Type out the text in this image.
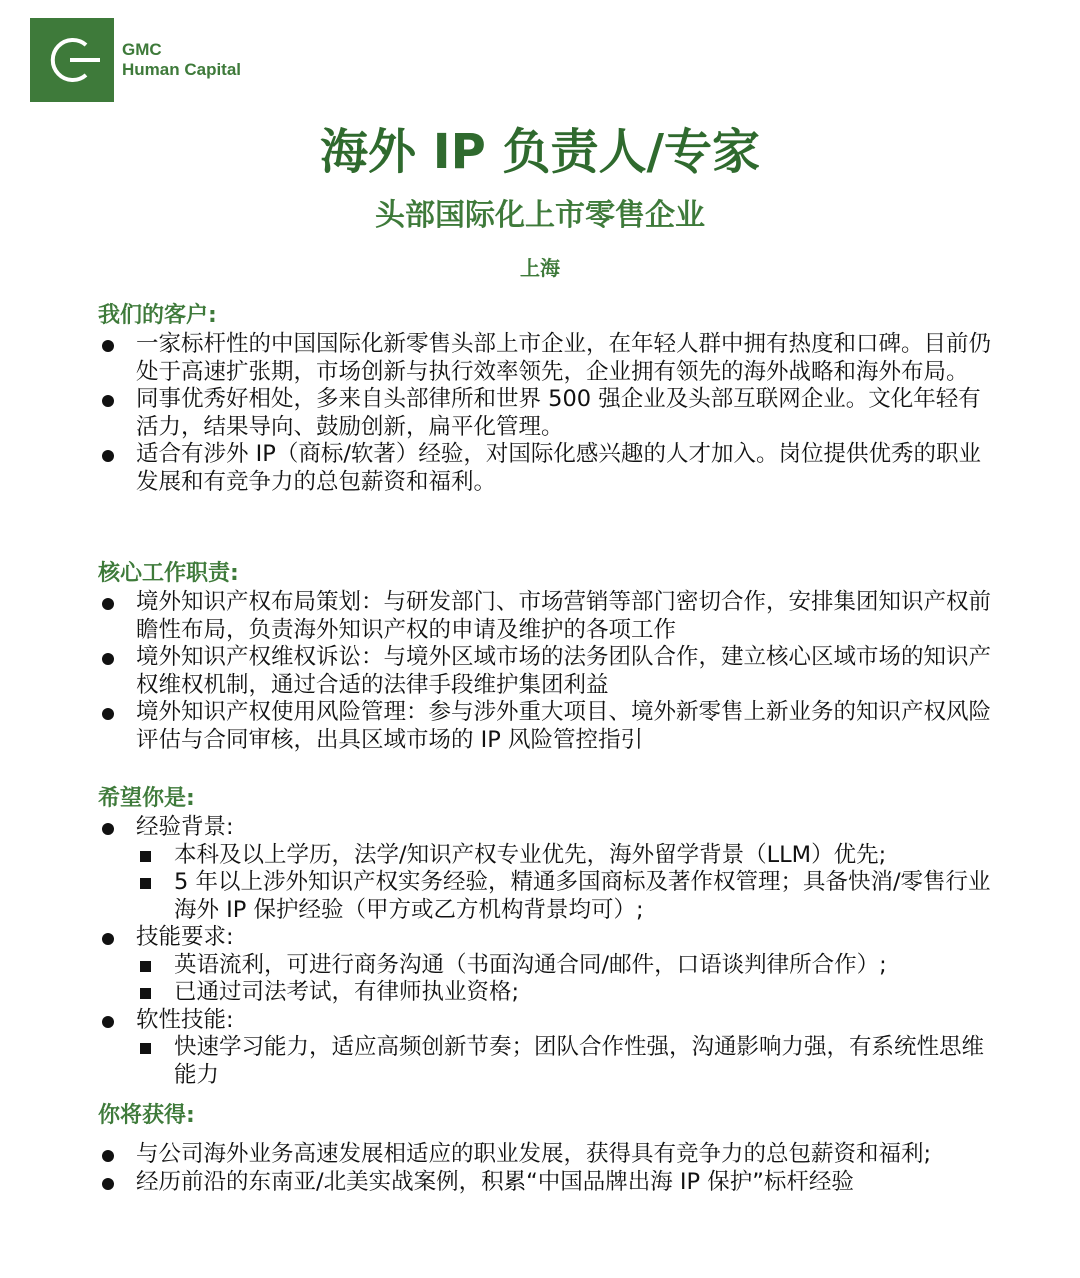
GMC
Human Capital
海外 IP 负责人/专家
头部国际化上市零售企业
上海
我们的客户:
一家标杆性的中国国际化新零售头部上市企业，在年轻人群中拥有热度和口碑。目前仍处于高速扩张期，市场创新与执行效率领先，企业拥有领先的海外战略和海外布局。
同事优秀好相处，多来自头部律所和世界 500 强企业及头部互联网企业。文化年轻有活力，结果导向、鼓励创新，扁平化管理。
适合有涉外 IP（商标/软著）经验，对国际化感兴趣的人才加入。岗位提供优秀的职业发展和有竞争力的总包薪资和福利。
核心工作职责:
境外知识产权布局策划：与研发部门、市场营销等部门密切合作，安排集团知识产权前瞻性布局，负责海外知识产权的申请及维护的各项工作
境外知识产权维权诉讼：与境外区域市场的法务团队合作，建立核心区域市场的知识产权维权机制，通过合适的法律手段维护集团利益
境外知识产权使用风险管理：参与涉外重大项目、境外新零售上新业务的知识产权风险评估与合同审核，出具区域市场的 IP 风险管控指引
希望你是:
经验背景:
本科及以上学历，法学/知识产权专业优先，海外留学背景（LLM）优先;
5 年以上涉外知识产权实务经验，精通多国商标及著作权管理；具备快消/零售行业海外 IP 保护经验（甲方或乙方机构背景均可）;
技能要求:
英语流利，可进行商务沟通（书面沟通合同/邮件，口语谈判律所合作）;
已通过司法考试，有律师执业资格;
软性技能:
快速学习能力，适应高频创新节奏；团队合作性强，沟通影响力强，有系统性思维能力
你将获得:
与公司海外业务高速发展相适应的职业发展，获得具有竞争力的总包薪资和福利;
经历前沿的东南亚/北美实战案例，积累“中国品牌出海 IP 保护”标杆经验
